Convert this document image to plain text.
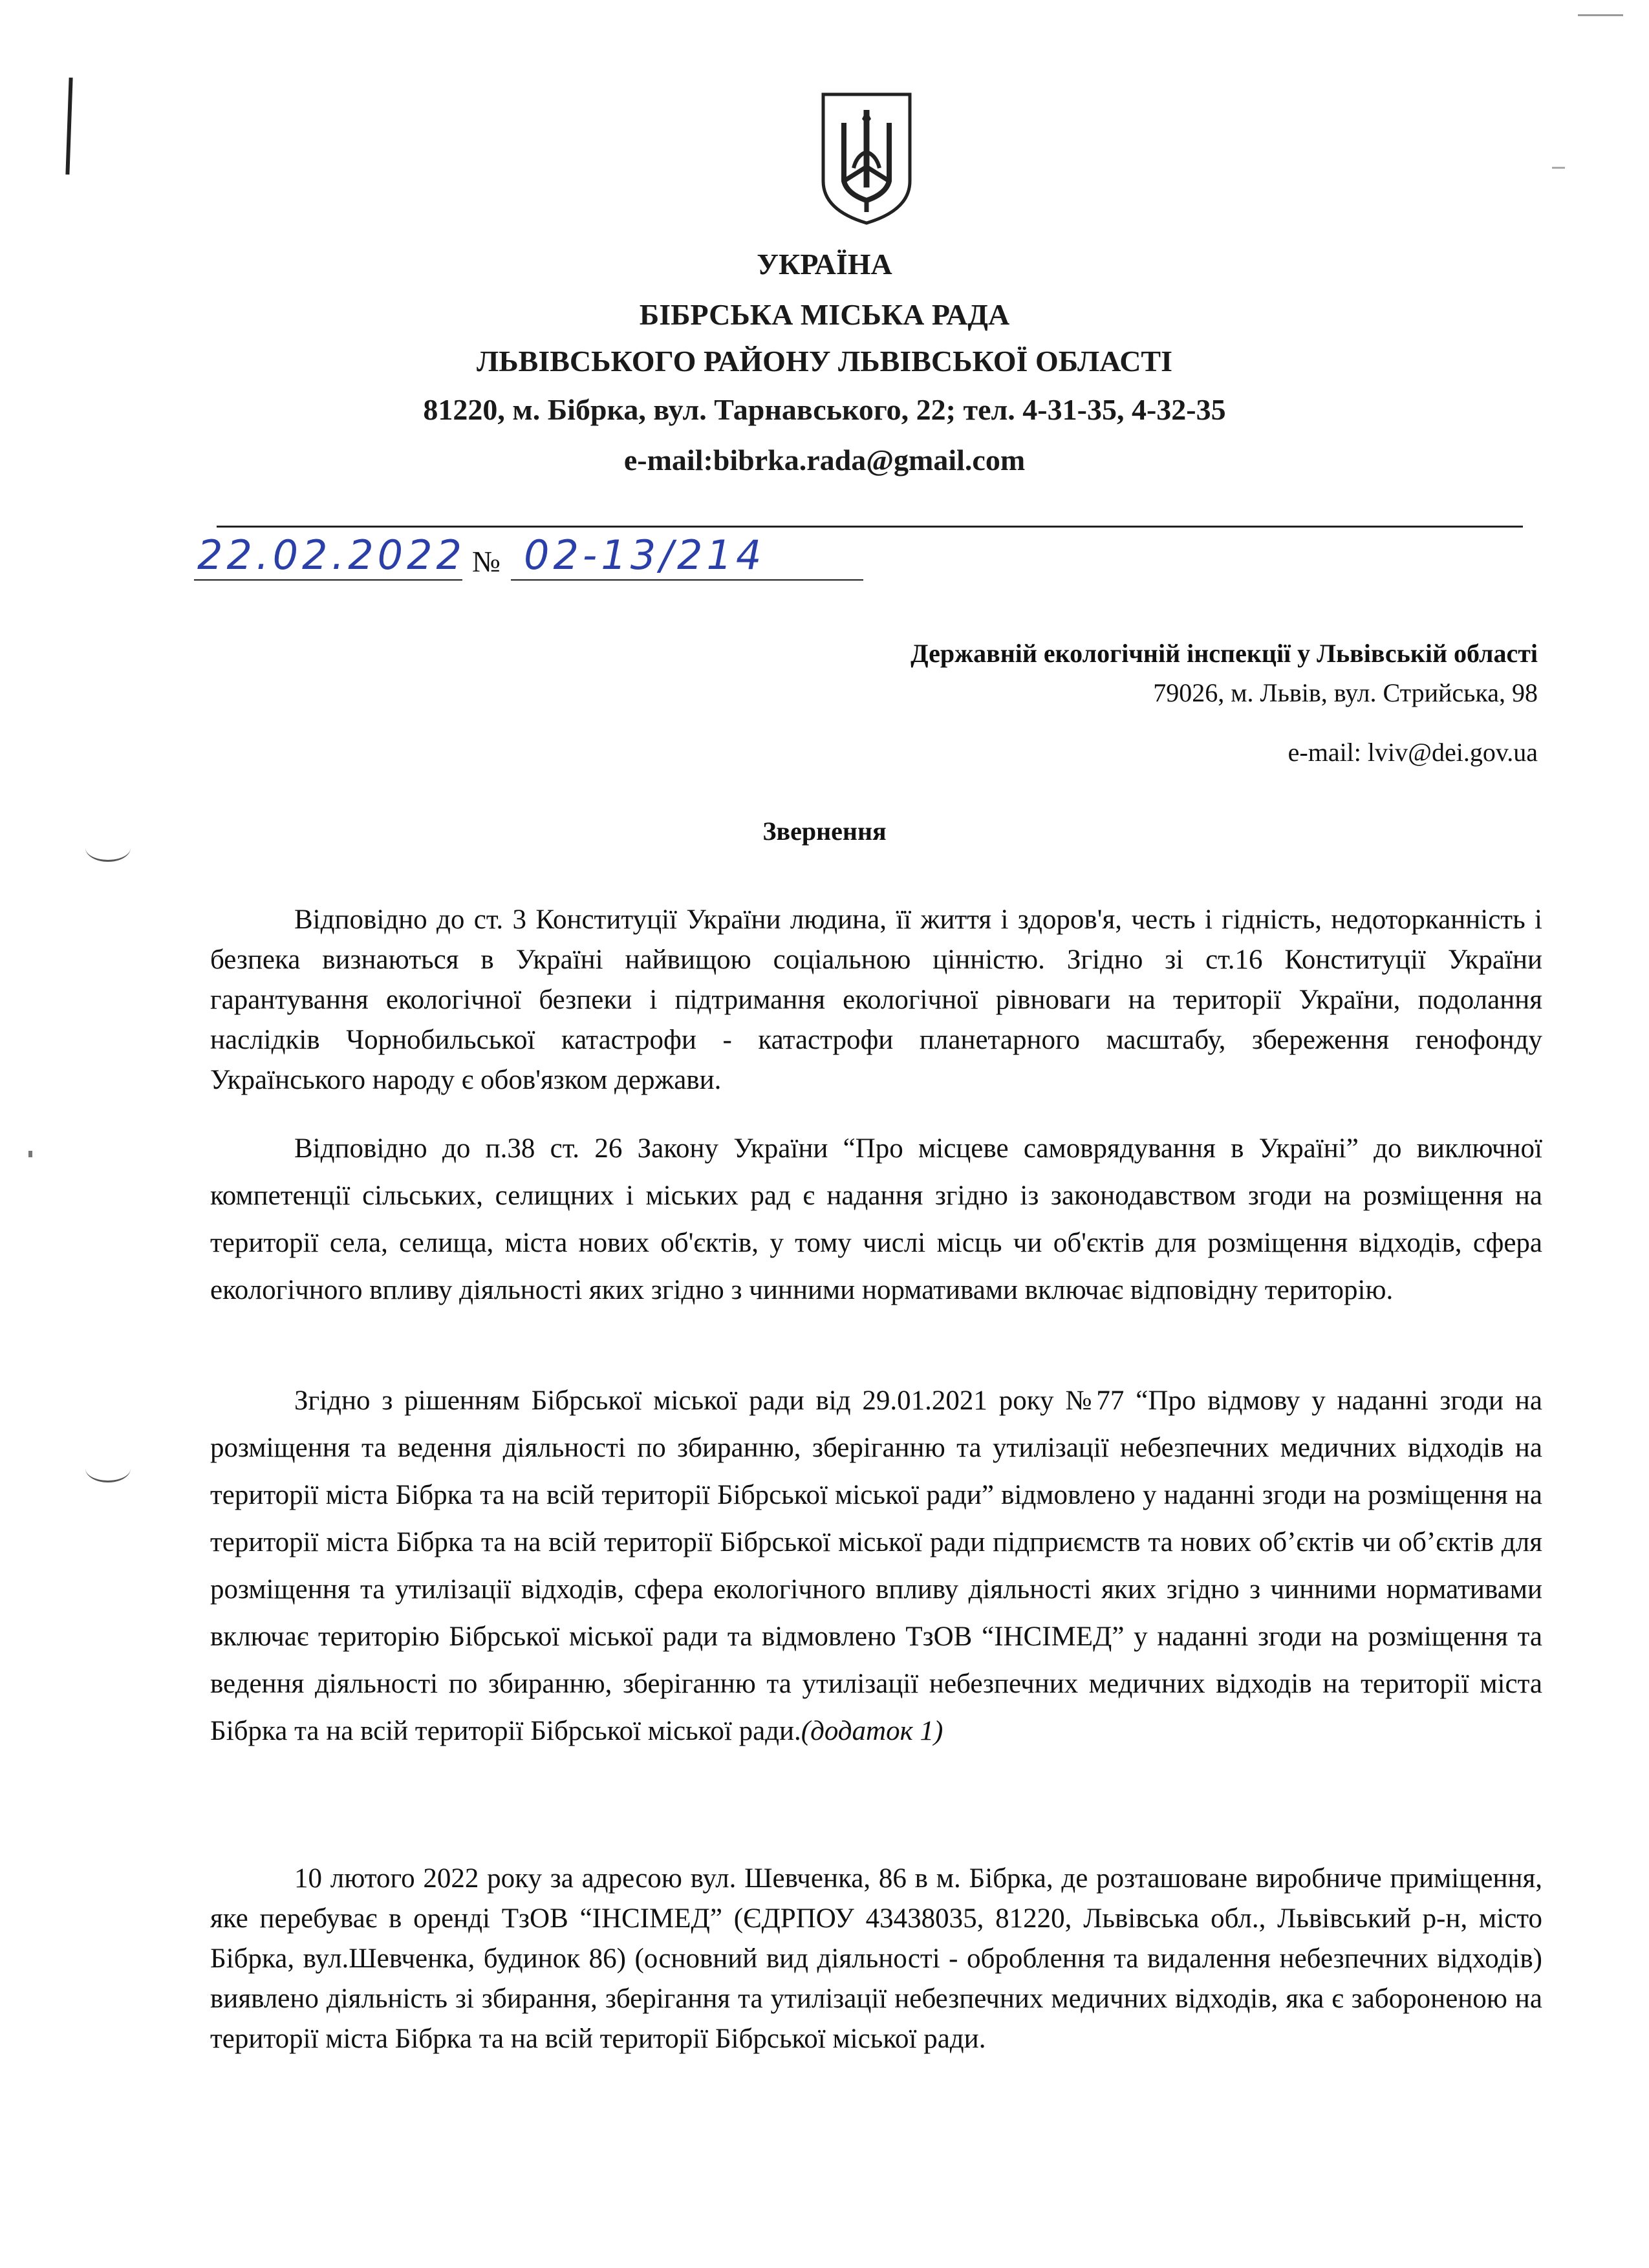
УКРАЇНА
БІБРСЬКА МІСЬКА РАДА
ЛЬВІВСЬКОГО РАЙОНУ ЛЬВІВСЬКОЇ ОБЛАСТІ
81220, м. Бібрка, вул. Тарнавського, 22; тел. 4-31-35, 4-32-35
e-mail:bibrka.rada@gmail.com
22.02.2022 № 02-13/214
Державній екологічній інспекції у Львівській області
79026, м. Львів, вул. Стрийська, 98
e-mail: lviv@dei.gov.ua
Звернення

Відповідно до ст. 3 Конституції України людина, її життя і здоров'я, честь і гідність, недоторканність і безпека визнаються в Україні найвищою соціальною цінністю. Згідно зі ст.16 Конституції України гарантування екологічної безпеки і підтримання екологічної рівноваги на території України, подолання наслідків Чорнобильської катастрофи - катастрофи планетарного масштабу, збереження генофонду Українського народу є обов'язком держави.

Відповідно до п.38 ст. 26 Закону України “Про місцеве самоврядування в Україні” до виключної компетенції сільських, селищних і міських рад є надання згідно із законодавством згоди на розміщення на території села, селища, міста нових об'єктів, у тому числі місць чи об'єктів для розміщення відходів, сфера екологічного впливу діяльності яких згідно з чинними нормативами включає відповідну територію.

Згідно з рішенням Бібрської міської ради від 29.01.2021 року №77 “Про відмову у наданні згоди на розміщення та ведення діяльності по збиранню, зберіганню та утилізації небезпечних медичних відходів на території міста Бібрка та на всій території Бібрської міської ради” відмовлено у наданні згоди на розміщення на території міста Бібрка та на всій території Бібрської міської ради підприємств та нових об’єктів чи об’єктів для розміщення та утилізації відходів, сфера екологічного впливу діяльності яких згідно з чинними нормативами включає територію Бібрської міської ради та відмовлено ТзОВ “ІНСІМЕД” у наданні згоди на розміщення та ведення діяльності по збиранню, зберіганню та утилізації небезпечних медичних відходів на території міста Бібрка та на всій території Бібрської міської ради.(додаток 1)

10 лютого 2022 року за адресою вул. Шевченка, 86 в м. Бібрка, де розташоване виробниче приміщення, яке перебуває в оренді ТзОВ “ІНСІМЕД” (ЄДРПОУ 43438035, 81220, Львівська обл., Львівський р-н, місто Бібрка, вул.Шевченка, будинок 86) (основний вид діяльності - оброблення та видалення небезпечних відходів) виявлено діяльність зі збирання, зберігання та утилізації небезпечних медичних відходів, яка є забороненою на території міста Бібрка та на всій території Бібрської міської ради.
